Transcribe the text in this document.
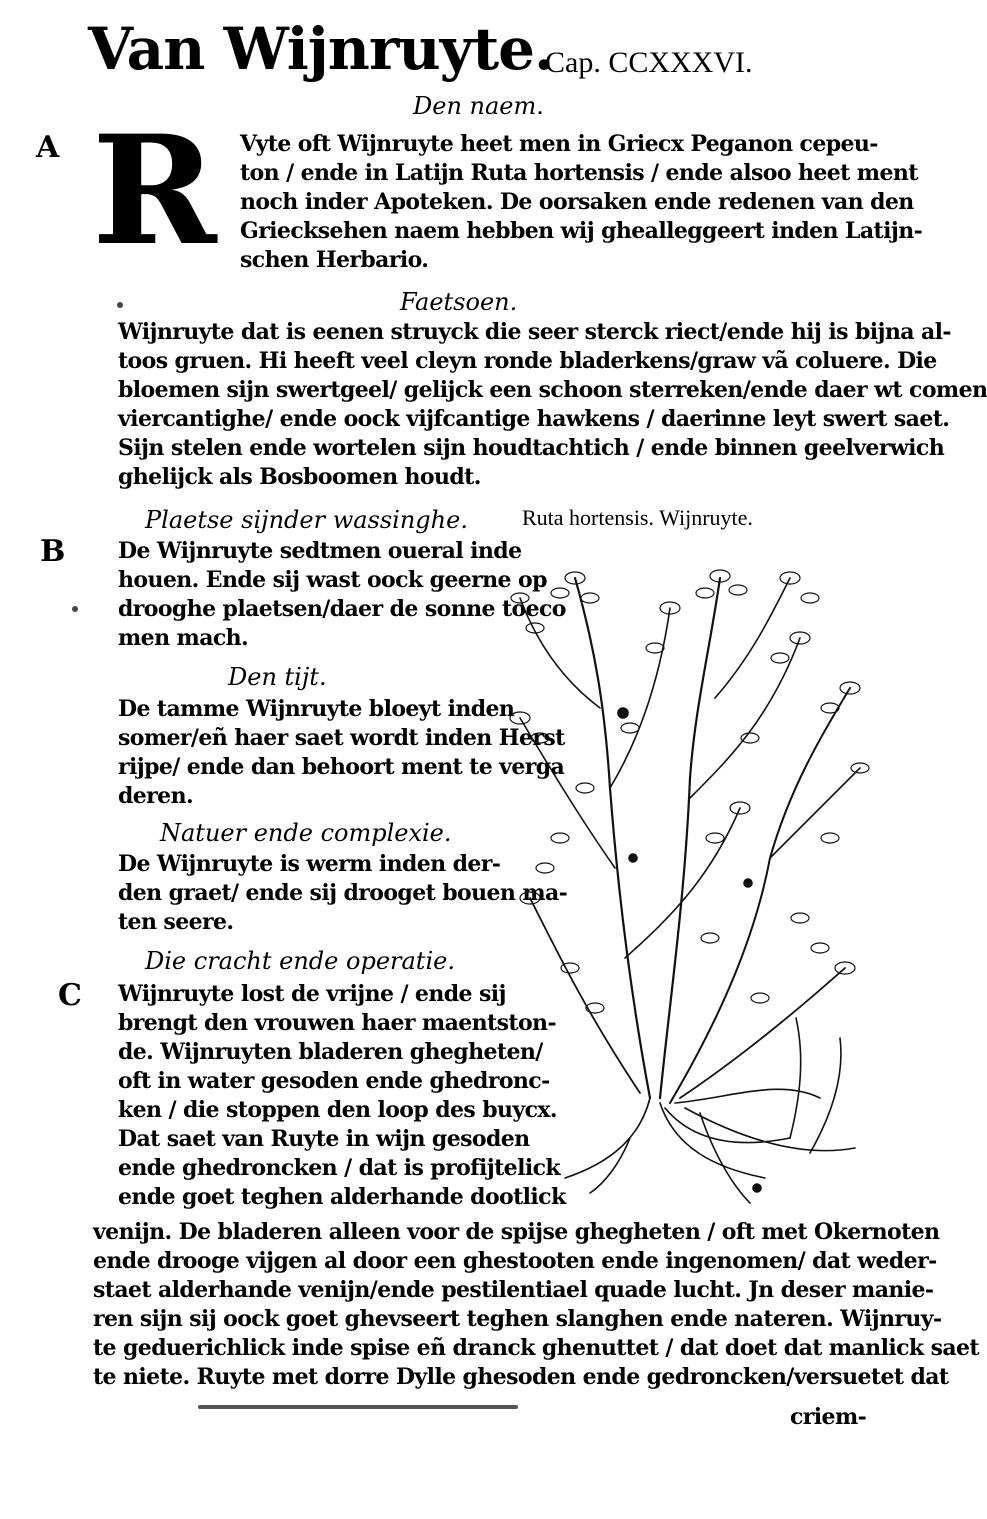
Van Wijnruyte.
Cap. CCXXXVI.
Den naem.
A R	Vyte oft Wijnruyte heet men in Griecx Peganon cepeu-
ton / ende in Latijn Ruta hortensis / ende alsoo heet ment
noch inder Apoteken. De oorsaken ende redenen van den
Griecksehen naem hebben wij ghealleggeert inden Latijn-
schen Herbario.
Faetsoen.
Wijnruyte dat is eenen struyck die seer sterck riect/ende hij is bijna al-
toos gruen. Hi heeft veel cleyn ronde bladerkens/graw vã coluere. Die
bloemen sijn swertgeel/ gelijck een schoon sterreken/ende daer wt comen
viercantighe/ ende oock vijfcantige hawkens / daerinne leyt swert saet.
Sijn stelen ende wortelen sijn houdtachtich / ende binnen geelverwich
ghelijck als Bosboomen houdt.
Plaetse sijnder wassinghe. Ruta hortensis. Wijnruyte.
B De Wijnruyte sedtmen oueral inde
houen. Ende sij wast oock geerne op
drooghe plaetsen/daer de sonne toeco
men mach.
Den tijt.
De tamme Wijnruyte bloeyt inden
somer/eñ haer saet wordt inden Herst
rijpe/ ende dan behoort ment te verga
deren.
Natuer ende complexie.
De Wijnruyte is werm inden der-
den graet/ ende sij drooget bouen ma-
ten seere.
Die cracht ende operatie.
C Wijnruyte lost de vrijne / ende sij
brengt den vrouwen haer maentston-
de. Wijnruyten bladeren ghegheten/
oft in water gesoden ende ghedronc-
ken / die stoppen den loop des buycx.
Dat saet van Ruyte in wijn gesoden
ende ghedroncken / dat is profijtelick
ende goet teghen alderhande dootlick
venijn. De bladeren alleen voor de spijse ghegheten / oft met Okernoten
ende drooge vijgen al door een ghestooten ende ingenomen/ dat weder-
staet alderhande venijn/ende pestilentiael quade lucht. Jn deser manie-
ren sijn sij oock goet ghevseert teghen slanghen ende nateren. Wijnruy-
te geduerichlick inde spise eñ dranck ghenuttet / dat doet dat manlick saet
te niete. Ruyte met dorre Dylle ghesoden ende gedroncken/versuetet dat
criem-
